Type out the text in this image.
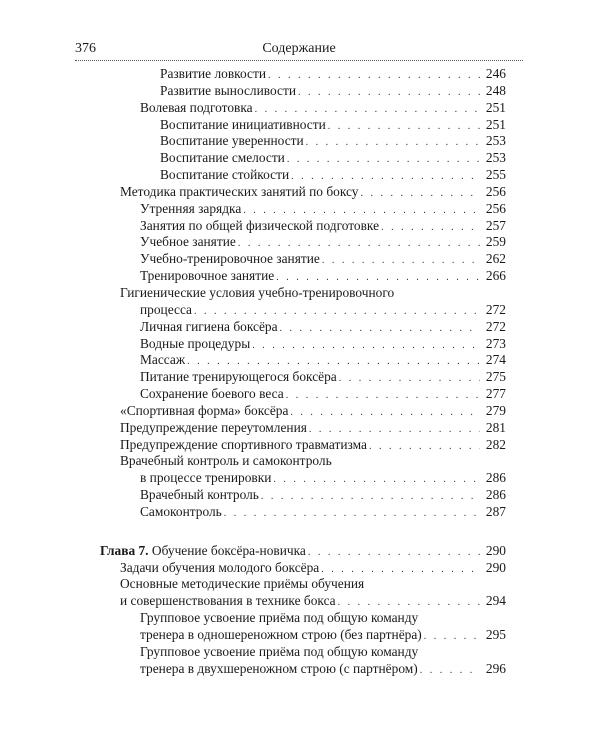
376	Содержание
Развитие ловкости . . .	246
Развитие выносливости . . .	248
Волевая подготовка . . .	251
Воспитание инициативности . . .	251
Воспитание уверенности . . .	253
Воспитание смелости . . .	253
Воспитание стойкости . . .	255
Методика практических занятий по боксу . . .	256
Утренняя зарядка . . .	256
Занятия по общей физической подготовке . . .	257
Учебное занятие . . .	259
Учебно-тренировочное занятие . . .	262
Тренировочное занятие . . .	266
Гигиенические условия учебно-тренировочного
процесса . . .	272
Личная гигиена боксёра . . .	272
Водные процедуры . . .	273
Массаж . . .	274
Питание тренирующегося боксёра . . .	275
Сохранение боевого веса . . .	277
«Спортивная форма» боксёра . . .	279
Предупреждение переутомления . . .	281
Предупреждение спортивного травматизма . . .	282
Врачебный контроль и самоконтроль
в процессе тренировки . . .	286
Врачебный контроль . . .	286
Самоконтроль . . .	287
Глава 7. Обучение боксёра-новичка . . .	290
Задачи обучения молодого боксёра . . .	290
Основные методические приёмы обучения
и совершенствования в технике бокса . . .	294
Групповое усвоение приёма под общую команду
тренера в одношереножном строю (без партнёра) . . .	295
Групповое усвоение приёма под общую команду
тренера в двухшереножном строю (с партнёром) . . .	296
